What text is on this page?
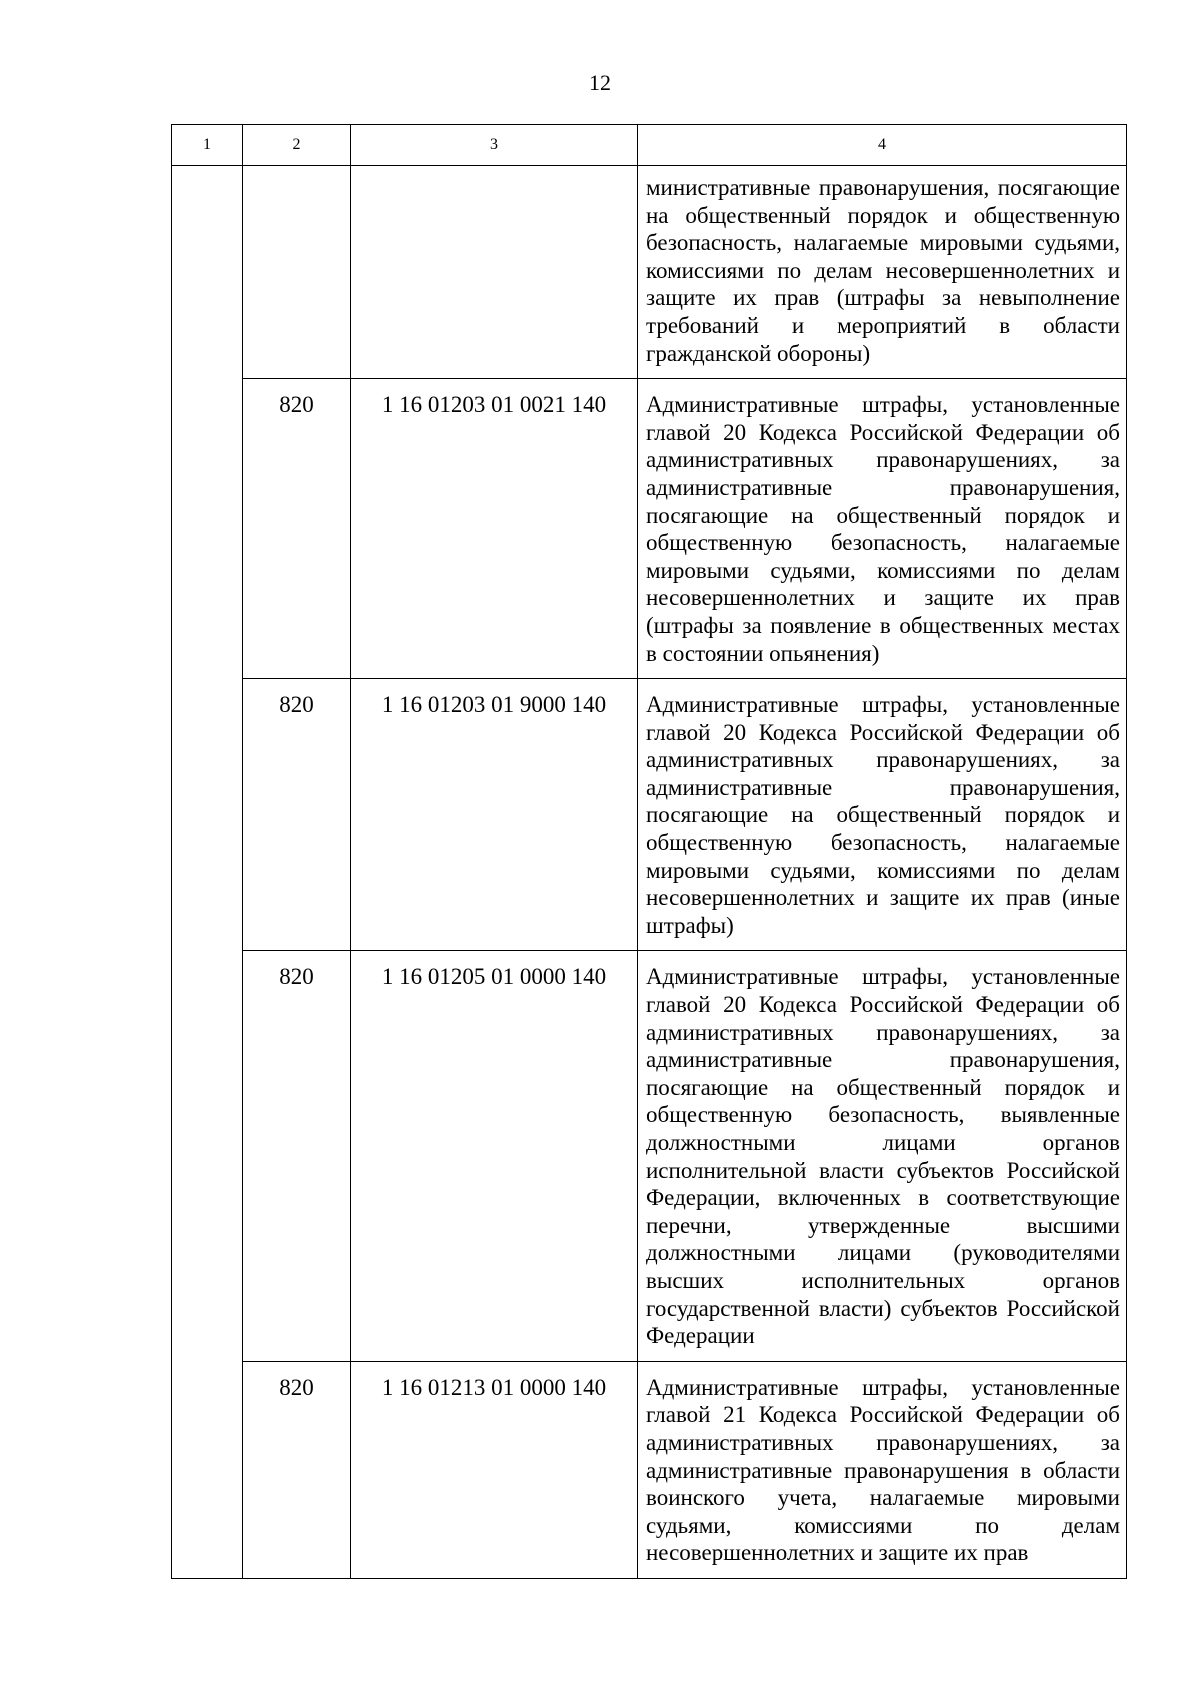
12
1	2	3	4
			министративные правонарушения, посягающие на общественный порядок и общественную безопасность, налагаемые мировыми судьями, комиссиями по делам несовершеннолетних и защите их прав (штрафы за невыполнение требований и мероприятий в области гражданской обороны)
	820	1 16 01203 01 0021 140	Административные штрафы, установленные главой 20 Кодекса Российской Федерации об административных правонарушениях, за административные правонарушения, посягающие на общественный порядок и общественную безопасность, налагаемые мировыми судьями, комиссиями по делам несовершеннолетних и защите их прав (штрафы за появление в общественных местах в состоянии опьянения)
	820	1 16 01203 01 9000 140	Административные штрафы, установленные главой 20 Кодекса Российской Федерации об административных правонарушениях, за административные правонарушения, посягающие на общественный порядок и общественную безопасность, налагаемые мировыми судьями, комиссиями по делам несовершеннолетних и защите их прав (иные штрафы)
	820	1 16 01205 01 0000 140	Административные штрафы, установленные главой 20 Кодекса Российской Федерации об административных правонарушениях, за административные правонарушения, посягающие на общественный порядок и общественную безопасность, выявленные должностными лицами органов исполнительной власти субъектов Российской Федерации, включенных в соответствующие перечни, утвержденные высшими должностными лицами (руководителями высших исполнительных органов государственной власти) субъектов Российской Федерации
	820	1 16 01213 01 0000 140	Административные штрафы, установленные главой 21 Кодекса Российской Федерации об административных правонарушениях, за административные правонарушения в области воинского учета, налагаемые мировыми судьями, комиссиями по делам несовершеннолетних и защите их прав
